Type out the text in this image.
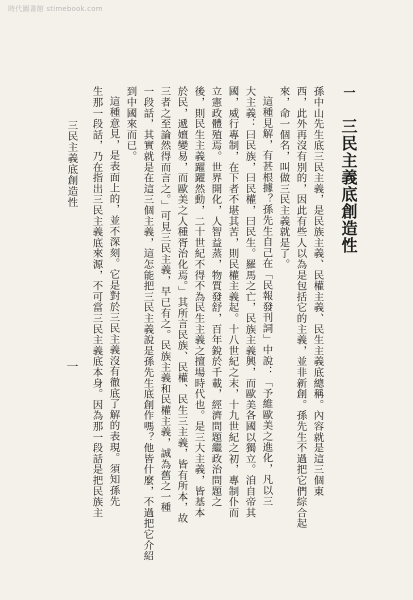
時代圖書館 stimebook.com
一
三民主義底創造性
孫中山先生底三民主義，是民族主義、民權主義、民生主義底總稱。內容就是這三個東
西，此外再沒有別的，因此有些人以為是包括它的主義，並非新創。孫先生不過把它們綜合起
來，命一個名，叫做三民主義就是了。
這種見解，有甚根據？孫先生自己在「民報發刊詞」中說：「予維歐美之進化，凡以三
大主義：曰民族，曰民權，曰民生。羅馬之亡，民族主義興，而歐美各國以獨立。洎自帝其
國，威行專制，在下者不堪其苦，則民權主義起。十八世紀之末，十九世紀之初，專制仆而
立憲政體殖焉。世界開化，人智益蒸，物質發舒，百年銳於千載，經濟問題繼政治問題之
後，則民生主義躍躍然動，二十世紀不得不為民生主義之擅場時代也。是三大主義，皆基本
於民，遞嬗變易，而歐美之人種胥治化焉。」其所言民族、民權、民生三主義，皆有所本，故
三者之至論然得而言之。」可見三民主義，早已有之。民族主義和民權主義，誠為舊之一種
一段話，其實就是在這三個主義，這怎能把三民主義說是孫先生底創作嗎？他皆什麼，不過把它介紹
到中國來而已。
這種意見，是表面上的，並不深刻。它是對於三民主義沒有徹底了解的表現。須知孫先
生那一段話，乃在指出三民主義底來源，不可當三民主義底本身。因為那一段話是把民族主
三民主義底創造性
一
